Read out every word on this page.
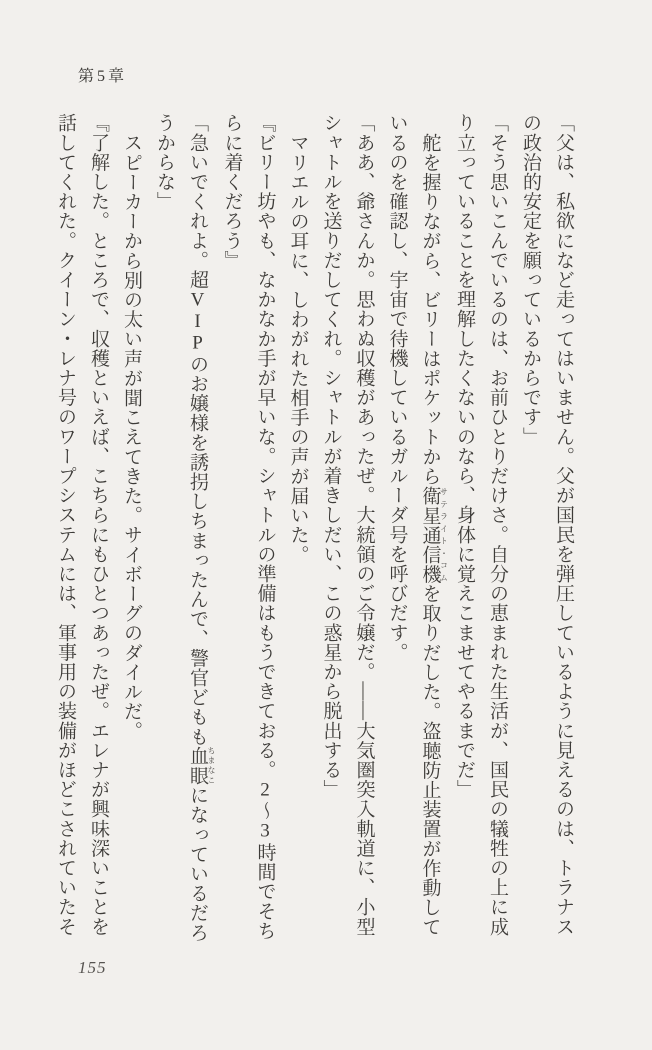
第5章
「父は、私欲になど走ってはいません。父が国民を弾圧しているように見えるのは、トラナス
の政治的安定を願っているからです」
「そう思いこんでいるのは、お前ひとりだけさ。自分の恵まれた生活が、国民の犠牲の上に成
り立っていることを理解したくないのなら、身体に覚えこませてやるまでだ」
舵を握りながら、ビリーはポケットから衛星通信機 サテライト・コムを取りだした。盗聴防止装置が作動して
いるのを確認し、宇宙で待機しているガルーダ号を呼びだす。
「ああ、爺さんか。思わぬ収穫があったぜ。大統領のご令嬢だ。――大気圏突入軌道に、小型
シャトルを送りだしてくれ。シャトルが着きしだい、この惑星から脱出する」
マリエルの耳に、しわがれた相手の声が届いた。
『ビリー坊やも、なかなか手が早いな。シャトルの準備はもうできておる。2〜3時間でそち
らに着くだろう』
「急いでくれよ。超VIPのお嬢様を誘拐しちまったんで、警官どもも血眼 ちまなこになっているだろ
うからな」
スピーカーから別の太い声が聞こえてきた。サイボーグのダイルだ。
『了解した。ところで、収穫といえば、こちらにもひとつあったぜ。エレナが興味深いことを
話してくれた。クイーン・レナ号のワープシステムには、軍事用の装備がほどこされていたそ
155
